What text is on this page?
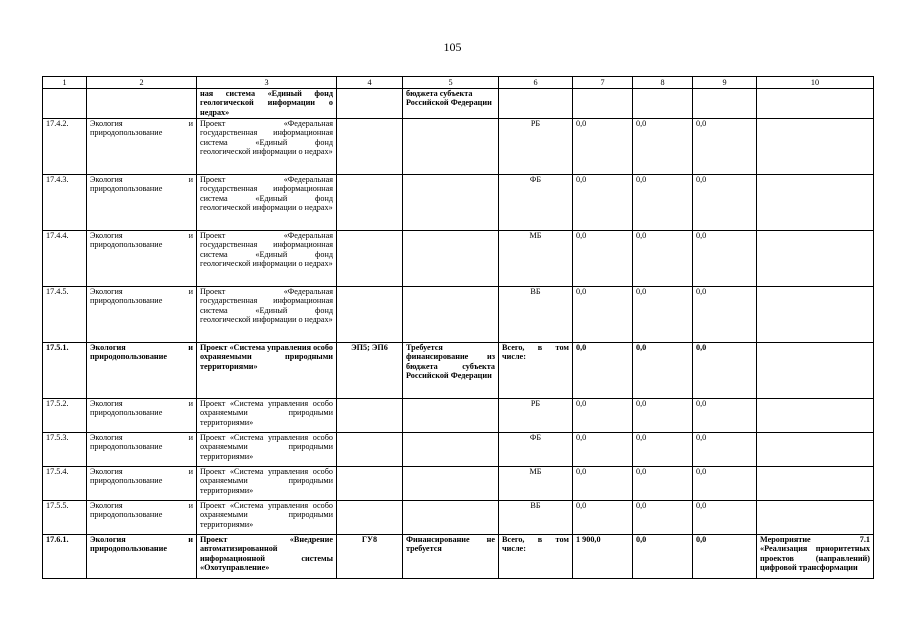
105
1	2	3	4	5	6	7	8	9	10
		ная система «Единый фонд геологической информации о недрах»		бюджета субъекта Российской Федерации					
17.4.2.	Экология и природопользование	Проект «Федеральная государственная информационная система «Единый фонд геологической информации о недрах»			РБ	0,0	0,0	0,0	
17.4.3.	Экология и природопользование	Проект «Федеральная государственная информационная система «Единый фонд геологической информации о недрах»			ФБ	0,0	0,0	0,0	
17.4.4.	Экология и природопользование	Проект «Федеральная государственная информационная система «Единый фонд геологической информации о недрах»			МБ	0,0	0,0	0,0	
17.4.5.	Экология и природопользование	Проект «Федеральная государственная информационная система «Единый фонд геологической информации о недрах»			ВБ	0,0	0,0	0,0	
17.5.1.	Экология и природопользование	Проект «Система управления особо охраняемыми природными территориями»	ЭП5; ЭП6	Требуется финансирование из бюджета субъекта Российской Федерации	Всего, в том числе:	0,0	0,0	0,0	
17.5.2.	Экология и природопользование	Проект «Система управления особо охраняемыми природными территориями»			РБ	0,0	0,0	0,0	
17.5.3.	Экология и природопользование	Проект «Система управления особо охраняемыми природными территориями»			ФБ	0,0	0,0	0,0	
17.5.4.	Экология и природопользование	Проект «Система управления особо охраняемыми природными территориями»			МБ	0,0	0,0	0,0	
17.5.5.	Экология и природопользование	Проект «Система управления особо охраняемыми природными территориями»			ВБ	0,0	0,0	0,0	
17.6.1.	Экология и природопользование	Проект «Внедрение автоматизированной информационной системы «Охотуправление»	ГУ8	Финансирование не требуется	Всего, в том числе:	1 900,0	0,0	0,0	Мероприятие 7.1 «Реализация приоритетных проектов (направлений) цифровой трансформации
